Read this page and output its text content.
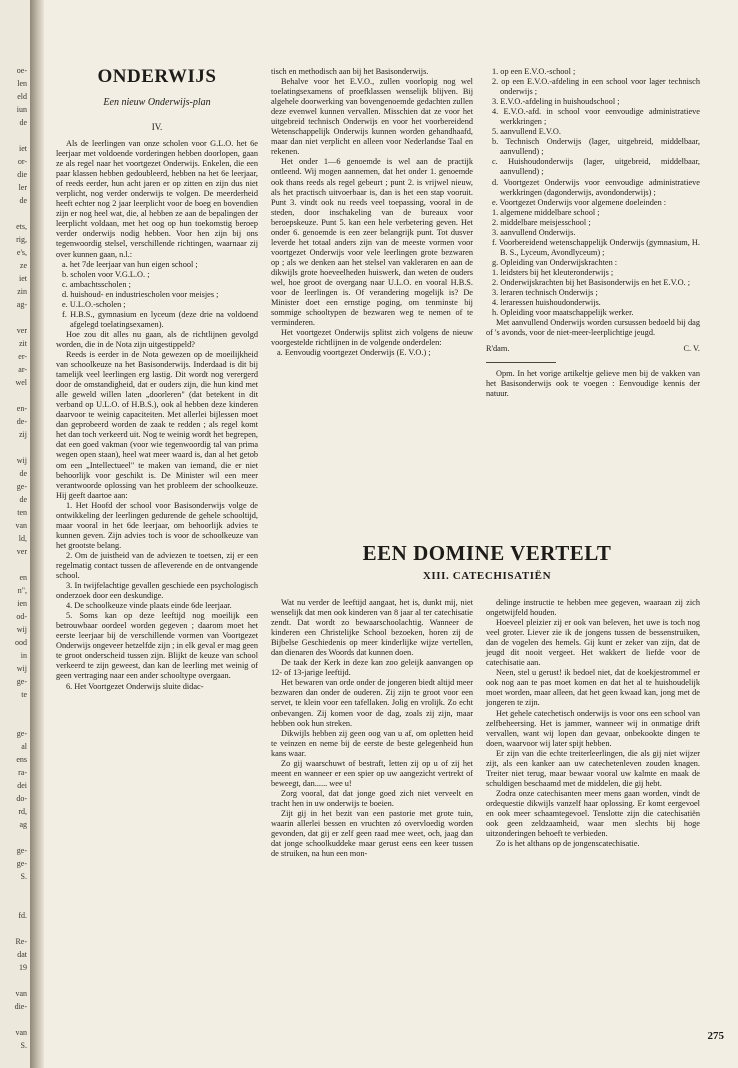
oe-
len
eld
iun
de
iet
or-
die
ler
de
ets,
rig,
e's,
ze
iet
zin
ag-
ver
zit
er-
ar-
wel
en-
de-
zij
wij
de
ge-
de
ten
van
ld,
ver
en
n",
ien
od-
wij
ood
in
wij
ge-
te
ge-
al
ens
ra-
dei
do-
rd,
ag
ge-
ge-
S.
fd.
Re-
dat
19
van
die-
van
S.
ONDERWIJS
Een nieuw Onderwijs-plan
IV.

Als de leerlingen van onze scholen voor G.L.O. het 6e leerjaar met voldoende vorderingen hebben doorlopen, gaan ze als regel naar het voortgezet Onderwijs. Enkelen, die een paar klassen hebben gedoubleerd, hebben na het 6e leerjaar, of reeds eerder, hun acht jaren er op zitten en zijn dus niet verplicht, nog verder onderwijs te volgen. De meerderheid heeft echter nog 2 jaar leerplicht voor de boeg en bovendien zijn er nog heel wat, die, al hebben ze aan de bepalingen der leerplicht voldaan, met het oog op hun toekomstig beroep verder onderwijs nodig hebben. Voor hen zijn bij ons tegenwoordig stelsel, verschillende richtingen, waarnaar zij over kunnen gaan, n.l.:

a. het 7de leerjaar van hun eigen school ;
b. scholen voor V.G.L.O. ;
c. ambachtsscholen ;
d. huishoud- en industriescholen voor meisjes ;
e. U.L.O.-scholen ;
f. H.B.S., gymnasium en lyceum (deze drie na voldoend afgelegd toelatingsexamen).

Hoe zou dit alles nu gaan, als de richtlijnen gevolgd worden, die in de Nota zijn uitgestippeld?

Reeds is eerder in de Nota gewezen op de moeilijkheid van schoolkeuze na het Basisonderwijs. Inderdaad is dit bij tamelijk veel leerlingen erg lastig. Dit wordt nog verergerd door de omstandigheid, dat er ouders zijn, die hun kind met alle geweld willen laten „doorleren" (dat betekent in dit verband op U.L.O. of H.B.S.), ook al hebben deze kinderen daarvoor te weinig capaciteiten. Met allerlei bijlessen moet dan geprobeerd worden de zaak te redden ; als regel komt het dan toch verkeerd uit. Nog te weinig wordt het begrepen, dat een goed vakman (voor wie tegenwoordig tal van prima wegen open staan), heel wat meer waard is, dan al het getob om een „Intellectueel" te maken van iemand, die er niet behoorlijk voor geschikt is. De Minister wil een meer verantwoorde oplossing van het probleem der schoolkeuze. Hij geeft daartoe aan:

1. Het Hoofd der school voor Basisonderwijs volge de ontwikkeling der leerlingen gedurende de gehele schooltijd, maar vooral in het 6de leerjaar, om behoorlijk advies te kunnen geven. Zijn advies toch is voor de schoolkeuze van het grootste belang.

2. Om de juistheid van de adviezen te toetsen, zij er een regelmatig contact tussen de afleverende en de ontvangende school.

3. In twijfelachtige gevallen geschiede een psychologisch onderzoek door een deskundige.

4. De schoolkeuze vinde plaats einde 6de leerjaar.

5. Soms kan op deze leeftijd nog moeilijk een betrouwbaar oordeel worden gegeven ; daarom moet het eerste leerjaar bij de verschillende vormen van Voortgezet Onderwijs ongeveer hetzelfde zijn ; in elk geval er mag geen te groot onderscheid tussen zijn. Blijkt de keuze van school verkeerd te zijn geweest, dan kan de leerling met weinig of geen vertraging naar een ander schooltype overgaan.

6. Het Voortgezet Onderwijs sluite didac-

tisch en methodisch aan bij het Basisonderwijs.

Behalve voor het E.V.O., zullen voorlopig nog wel toelatingsexamens of proefklassen wenselijk blijven. Bij algehele doorwerking van bovengenoemde gedachten zullen deze evenwel kunnen vervallen. Misschien dat ze voor het uitgebreid technisch Onderwijs en voor het voorbereidend Wetenschappelijk Onderwijs kunnen worden gehandhaafd, maar dan niet verplicht en alleen voor Nederlandse Taal en rekenen.

Het onder 1—6 genoemde is wel aan de practijk ontleend. Wij mogen aannemen, dat het onder 1. genoemde ook thans reeds als regel gebeurt ; punt 2. is vrijwel nieuw, als het practisch uitvoerbaar is, dan is het een stap vooruit. Punt 3. vindt ook nu reeds veel toepassing, vooral in de steden, door inschakeling van de bureaux voor beroepskeuze. Punt 5. kan een hele verbetering geven. Het onder 6. genoemde is een zeer belangrijk punt. Tot dusver leverde het totaal anders zijn van de meeste vormen voor voortgezet Onderwijs voor vele leerlingen grote bezwaren op ; als we denken aan het stelsel van vakleraren en aan de dikwijls grote hoeveelheden huiswerk, dan weten de ouders wel, hoe groot de overgang naar U.L.O. en vooral H.B.S. voor de leerlingen is. Of verandering mogelijk is? De Minister doet een ernstige poging, om tenminste bij sommige schooltypen de bezwaren weg te nemen of te verminderen.

Het voortgezet Onderwijs splitst zich volgens de nieuw voorgestelde richtlijnen in de volgende onderdelen:

a. Eenvoudig voortgezet Onderwijs (E. V.O.) ;
1. op een E.V.O.-school ;
2. op een E.V.O.-afdeling in een school voor lager technisch onderwijs ;
3. E.V.O.-afdeling in huishoudschool ;
4. E.V.O.-afd. in school voor eenvoudige administratieve werkkringen ;
5. aanvullend E.V.O.
b. Technisch Onderwijs (lager, uitgebreid, middelbaar, aanvullend) ;
c. Huishoudonderwijs (lager, uitgebreid, middelbaar, aanvullend) ;
d. Voortgezet Onderwijs voor eenvoudige administratieve werkkringen (dagonderwijs, avondonderwijs) ;
e. Voortgezet Onderwijs voor algemene doeleinden :
1. algemene middelbare school ;
2. middelbare meisjesschool ;
3. aanvullend Onderwijs.
f. Voorbereidend wetenschappelijk Onderwijs (gymnasium, H. B. S., Lyceum, Avondlyceum) ;
g. Opleiding van Onderwijskrachten :
1. leidsters bij het kleuteronderwijs ;
2. Onderwijskrachten bij het Basisonderwijs en het E.V.O. ;
3. leraren technisch Onderwijs ;
4. leraressen huishoudonderwijs.
h. Opleiding voor maatschappelijk werker.

Met aanvullend Onderwijs worden cursussen bedoeld bij dag of 's avonds, voor de niet-meer-leerplichtige jeugd.

R'dam.	C. V.

Opm. In het vorige artikeltje gelieve men bij de vakken van het Basisonderwijs ook te voegen : Eenvoudige kennis der natuur.

EEN DOMINE VERTELT
XIII. CATECHISATIËN

Wat nu verder de leeftijd aangaat, het is, dunkt mij, niet wenselijk dat men ook kinderen van 8 jaar al ter catechisatie zendt. Dat wordt zo bewaarschoolachtig. Wanneer de kinderen een Christelijke School bezoeken, horen zij de Bijbelse Geschiedenis op meer kinderlijke wijze vertellen, dan dienaren des Woords dat kunnen doen.

De taak der Kerk in deze kan zoo geleijk aanvangen op 12- of 13-jarige leeftijd.

Het bewaren van orde onder de jongeren biedt altijd meer bezwaren dan onder de ouderen. Zij zijn te groot voor een servet, te klein voor een tafellaken. Jolig en vrolijk. Zo echt onbevangen. Zij komen voor de dag, zoals zij zijn, maar hebben ook hun streken.

Dikwijls hebben zij geen oog van u af, om opletten heid te veinzen en neme bij de eerste de beste gelegenheid hun kans waar.

Zo gij waarschuwt of bestraft, letten zij op u of zij het meent en wanneer er een spier op uw aangezicht vertrekt of beweegt, dan...... wee u!

Zorg vooral, dat dat jonge goed zich niet verveelt en tracht hen in uw onderwijs te boeien.

Zijt gij in het bezit van een pastorie met grote tuin, waarin allerlei bessen en vruchten zó overvloedig worden gevonden, dat gij er zelf geen raad mee weet, och, jaag dan dat jonge schoolkuddeke maar gerust eens een keer tussen de struiken, na hun een mon-

delinge instructie te hebben mee gegeven, waaraan zij zich ongetwijfeld houden.

Hoeveel pleizier zij er ook van beleven, het uwe is toch nog veel groter. Liever zie ik de jongens tussen de bessenstruiken, dan de vogelen des hemels. Gij kunt er zeker van zijn, dat de jeugd dit nooit vergeet. Het wakkert de liefde voor de catechisatie aan.

Neen, stel u gerust! ik bedoel niet, dat de koekjestrommel er ook nog aan te pas moet komen en dat het al te huishoudelijk moet worden, maar alleen, dat het geen kwaad kan, jong met de jongeren te zijn.

Het gehele catechetisch onderwijs is voor ons een school van zelfbeheersing. Het is jammer, wanneer wij in onmatige drift vervallen, want wij lopen dan gevaar, onbekookte dingen te doen, waarvoor wij later spijt hebben.

Er zijn van die echte treiterleerlingen, die als gij niet wijzer zijt, als een kanker aan uw catechetenleven zouden knagen. Treiter niet terug, maar bewaar vooral uw kalmte en maak de schuldigen beschaamd met de middelen, die gij hebt.

Zodra onze catechisanten meer mens gaan worden, vindt de ordequestie dikwijls vanzelf haar oplossing. Er komt eergevoel en ook meer schaamtegevoel. Tenslotte zijn die catechisatiën ook geen zeldzaamheid, waar men slechts bij hoge uitzonderingen behoeft te verbieden.

Zo is het althans op de jongenscatechisatie.

275
